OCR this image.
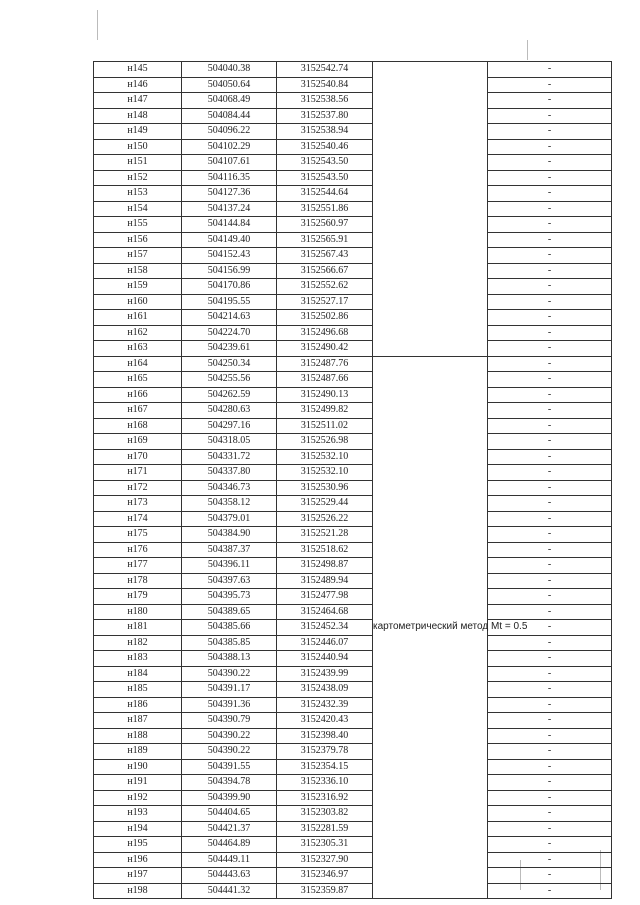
н145	504040.38	3152542.74		-
н146	504050.64	3152540.84		-
н147	504068.49	3152538.56		-
н148	504084.44	3152537.80		-
н149	504096.22	3152538.94		-
н150	504102.29	3152540.46		-
н151	504107.61	3152543.50		-
н152	504116.35	3152543.50		-
н153	504127.36	3152544.64		-
н154	504137.24	3152551.86		-
н155	504144.84	3152560.97		-
н156	504149.40	3152565.91		-
н157	504152.43	3152567.43		-
н158	504156.99	3152566.67		-
н159	504170.86	3152552.62		-
н160	504195.55	3152527.17		-
н161	504214.63	3152502.86		-
н162	504224.70	3152496.68		-
н163	504239.61	3152490.42		-
н164	504250.34	3152487.76	картометрический метод Mt = 0.5	-
н165	504255.56	3152487.66		-
н166	504262.59	3152490.13		-
н167	504280.63	3152499.82		-
н168	504297.16	3152511.02		-
н169	504318.05	3152526.98		-
н170	504331.72	3152532.10		-
н171	504337.80	3152532.10		-
н172	504346.73	3152530.96		-
н173	504358.12	3152529.44		-
н174	504379.01	3152526.22		-
н175	504384.90	3152521.28		-
н176	504387.37	3152518.62		-
н177	504396.11	3152498.87		-
н178	504397.63	3152489.94		-
н179	504395.73	3152477.98		-
н180	504389.65	3152464.68		-
н181	504385.66	3152452.34		-
н182	504385.85	3152446.07		-
н183	504388.13	3152440.94		-
н184	504390.22	3152439.99		-
н185	504391.17	3152438.09		-
н186	504391.36	3152432.39		-
н187	504390.79	3152420.43		-
н188	504390.22	3152398.40		-
н189	504390.22	3152379.78		-
н190	504391.55	3152354.15		-
н191	504394.78	3152336.10		-
н192	504399.90	3152316.92		-
н193	504404.65	3152303.82		-
н194	504421.37	3152281.59		-
н195	504464.89	3152305.31		-
н196	504449.11	3152327.90		-
н197	504443.63	3152346.97		-
н198	504441.32	3152359.87		-
